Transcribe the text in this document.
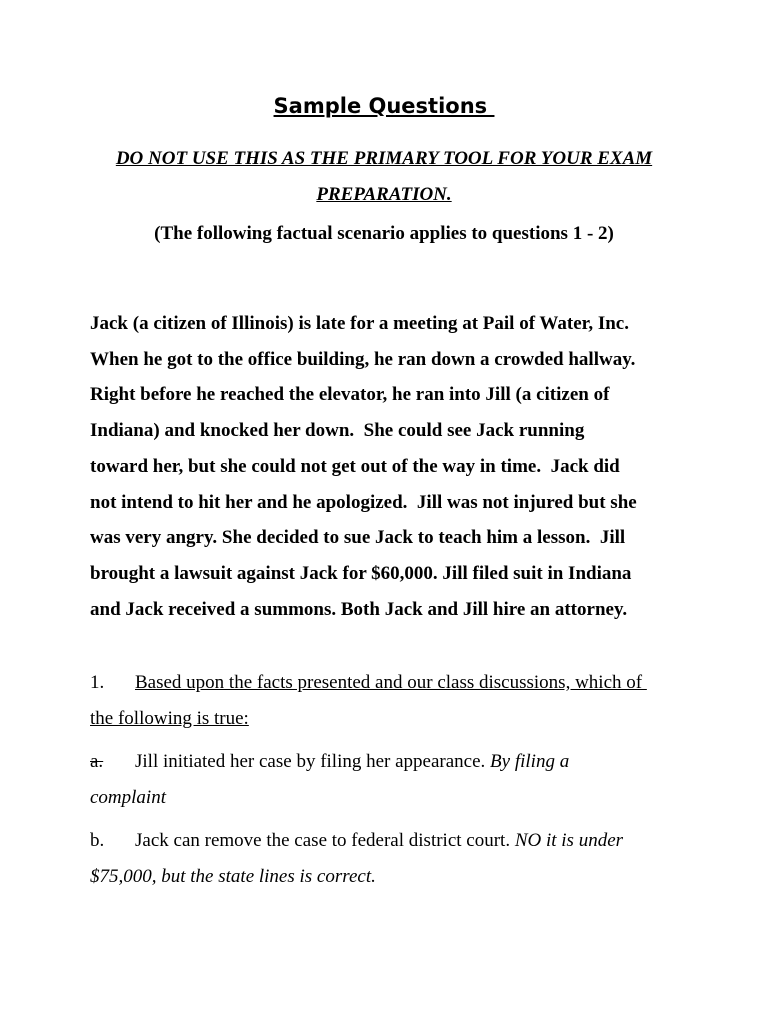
Sample Questions
DO NOT USE THIS AS THE PRIMARY TOOL FOR YOUR EXAM PREPARATION.
(The following factual scenario applies to questions 1 - 2)
Jack (a citizen of Illinois) is late for a meeting at Pail of Water, Inc.
When he got to the office building, he ran down a crowded hallway.
Right before he reached the elevator, he ran into Jill (a citizen of
Indiana) and knocked her down.  She could see Jack running
toward her, but she could not get out of the way in time.  Jack did
not intend to hit her and he apologized.  Jill was not injured but she
was very angry. She decided to sue Jack to teach him a lesson.  Jill
brought a lawsuit against Jack for $60,000. Jill filed suit in Indiana
and Jack received a summons. Both Jack and Jill hire an attorney.
1. Based upon the facts presented and our class discussions, which of
the following is true:
a. Jill initiated her case by filing her appearance. By filing a
complaint
b. Jack can remove the case to federal district court. NO it is under
$75,000, but the state lines is correct.
